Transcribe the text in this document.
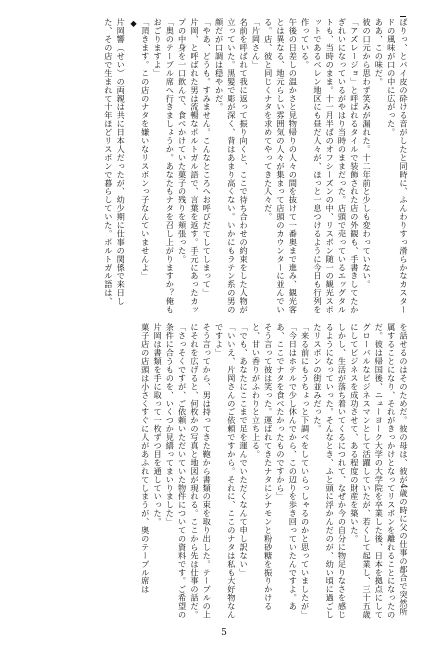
ぱりっ、とパイ皮の砕ける音がしたと同時に、ふんわりすっ滑らかなカスタードの風味が口の中に広がった。
ああ、この味だ。
彼の口元から思わず笑みが漏れた。十二年前と少しも変わっていない。
「アズレージョ」と呼ばれるタイルで装飾された店の外観も、手書きしてたかぎれいになっているがやはり当時のままだった。店頭で売っているエッグタルトも、当時のまま。十一月半ばのオフシーズンの中、リスボン随一の観光スポットであるベレン地区にも昼だ人々が、ほっと一息つけるように今日も行列を作っている。
午後の日差しの温かさと見物帰りの人々の間を抜けて一番奥まで進み、観光客とは異なる、地元らしい雰囲気の人々が集まって店頭のカウンターに並んでいる。店、彼と同じくナタを求めてやってきた人々だ。
「片岡さん」
名前を呼ばれて我に返って振り向くと、ここで待ち合わせの約束をした人物が立っていた。黒髪で彫が深く、背はあまり高くない。いかにもラテン系の男の顔だが口調は穏やかだ。
「やあ、どうも。すみません。こんなところへお呼びだてしてしまって」
片岡、と呼ばれた男は流暢なポルトガル語で、言葉を返す。手元にあったカップの中身を一口飲んで、食べかけていた菓子の残りを頬張った。
「奥のテーブル席へ行きましょうか。あなたもナタを召し上がりますか？俺もおごりますよ」
「頂きます。この店のナタを嫌いなリスボンっ子なんていませんよ」
◆
片岡響（せい）の両親は共に日本人だったが、幼少期に仕事の関係で来日した、その店で生まれて十年ほどリスボンで暮らしていた。ポルトガル語は、
を話せるのはそのためだ。彼の母は、彼が4歳の時に父の仕事の都合で突然所属することになり、それがきっかけとなってリスボンを離れることになったのだ。彼は帰国後、ニューヨーク大学の大学院を卒業した後、日本を拠点にしてグローバルなビジネスマンとして活躍していたが、若くして起業し、三十五歳にしてビジネスを成功させて、ある程度の財産を築いた。
しかし、生活が落ち着いてくるにつれて、なぜか今の自分に物足りなさを感じるようになっていった。そんなとき、ふと頭に浮かんだのが、幼い頃に過ごしたリスボンの街並みだった。
「来る前にもうちょっと下調べをしていらっしゃるのかと思っていましたが」
「今日はホテルで少し休んでから、この辺りを歩き回っていたんですよ。ああ、ここでナタを食べたかったものですから」
そう言って彼は笑った。運ばれてきたナタにシナモンと粉砂糖を振りかけると、甘い香りがふわりと立ち上る。
「でも、あなたにここまで足を運んでいただくなんて申し訳ない」
「いいえ、片岡さんのご依頼ですから。それに、ここのナタは私も大好物なんですよ」
そう言ってから、男は持ってきた鞄から書類の束を取り出した。テーブルの上にそれを広げると、何枚かの写真と地図が現れる。ここから先は仕事の話だ。
「さっそくですが、ご依頼いただいていた物件についての資料です。ご希望の条件に合うものを、いくつか見繕ってまいりました」
片岡は書類を手に取って一枚ずつ目を通していった。
菓子店の店頭は小さくすぐに人があふれてしまうが、奥のテーブル席は
5
